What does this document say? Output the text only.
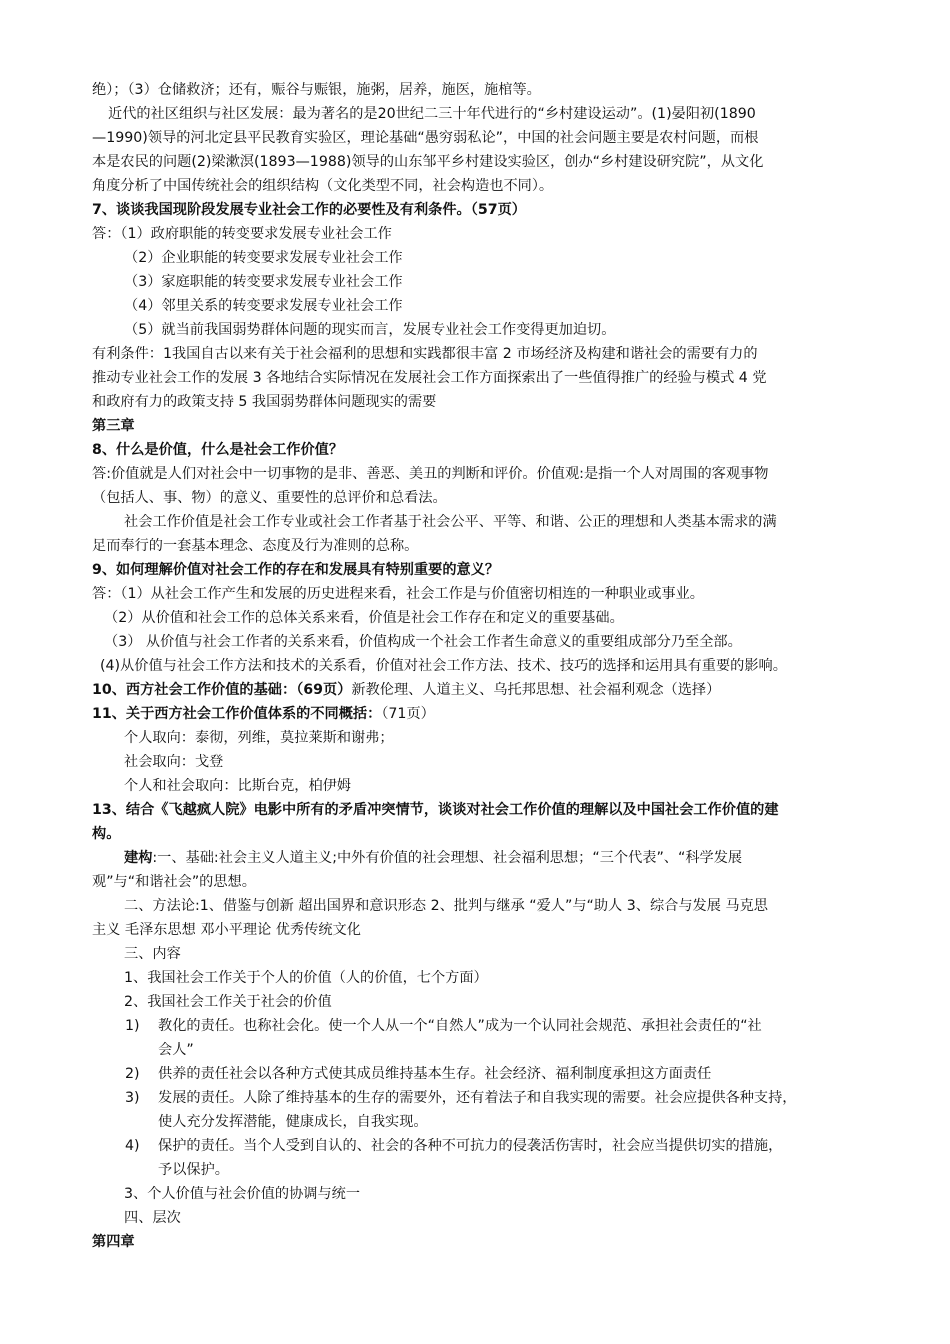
绝）；（3）仓储救济；还有，赈谷与赈银，施粥，居养，施医，施棺等。
近代的社区组织与社区发展：最为著名的是20世纪二三十年代进行的“乡村建设运动”。(1)晏阳初(1890
—1990)领导的河北定县平民教育实验区，理论基础“愚穷弱私论”，中国的社会问题主要是农村问题，而根
本是农民的问题(2)梁漱溟(1893—1988)领导的山东邹平乡村建设实验区，创办“乡村建设研究院”，从文化
角度分析了中国传统社会的组织结构（文化类型不同，社会构造也不同）。
7、谈谈我国现阶段发展专业社会工作的必要性及有利条件。（57页）
答：（1）政府职能的转变要求发展专业社会工作
（2）企业职能的转变要求发展专业社会工作
（3）家庭职能的转变要求发展专业社会工作
（4）邻里关系的转变要求发展专业社会工作
（5）就当前我国弱势群体问题的现实而言，发展专业社会工作变得更加迫切。
有利条件：1我国自古以来有关于社会福利的思想和实践都很丰富 2 市场经济及构建和谐社会的需要有力的
推动专业社会工作的发展 3 各地结合实际情况在发展社会工作方面探索出了一些值得推广的经验与模式 4 党
和政府有力的政策支持 5 我国弱势群体问题现实的需要
第三章
8、什么是价值，什么是社会工作价值？
答:价值就是人们对社会中一切事物的是非、善恶、美丑的判断和评价。价值观:是指一个人对周围的客观事物
（包括人、事、物）的意义、重要性的总评价和总看法。
社会工作价值是社会工作专业或社会工作者基于社会公平、平等、和谐、公正的理想和人类基本需求的满
足而奉行的一套基本理念、态度及行为准则的总称。
9、如何理解价值对社会工作的存在和发展具有特别重要的意义？
答：（1）从社会工作产生和发展的历史进程来看，社会工作是与价值密切相连的一种职业或事业。
（2）从价值和社会工作的总体关系来看，价值是社会工作存在和定义的重要基础。
（3） 从价值与社会工作者的关系来看，价值构成一个社会工作者生命意义的重要组成部分乃至全部。
(4)从价值与社会工作方法和技术的关系看，价值对社会工作方法、技术、技巧的选择和运用具有重要的影响。
10、西方社会工作价值的基础：（69页）新教伦理、人道主义、乌托邦思想、社会福利观念（选择）
11、关于西方社会工作价值体系的不同概括：（71页）
个人取向：泰彻，列维，莫拉莱斯和谢弗；
社会取向：戈登
个人和社会取向：比斯台克，柏伊姆
13、结合《飞越疯人院》电影中所有的矛盾冲突情节，谈谈对社会工作价值的理解以及中国社会工作价值的建
构。
建构:一、基础:社会主义人道主义;中外有价值的社会理想、社会福利思想；“三个代表”、“科学发展
观”与“和谐社会”的思想。
二、方法论:1、借鉴与创新 超出国界和意识形态 2、批判与继承 “爱人”与“助人 3、综合与发展 马克思
主义 毛泽东思想 邓小平理论 优秀传统文化
三、内容
1、我国社会工作关于个人的价值（人的价值，七个方面）
2、我国社会工作关于社会的价值
1) 教化的责任。也称社会化。使一个人从一个“自然人”成为一个认同社会规范、承担社会责任的“社
会人”
2) 供养的责任社会以各种方式使其成员维持基本生存。社会经济、福利制度承担这方面责任
3) 发展的责任。人除了维持基本的生存的需要外，还有着法子和自我实现的需要。社会应提供各种支持，
使人充分发挥潜能，健康成长，自我实现。
4) 保护的责任。当个人受到自认的、社会的各种不可抗力的侵袭活伤害时，社会应当提供切实的措施，
予以保护。
3、个人价值与社会价值的协调与统一
四、层次
第四章
